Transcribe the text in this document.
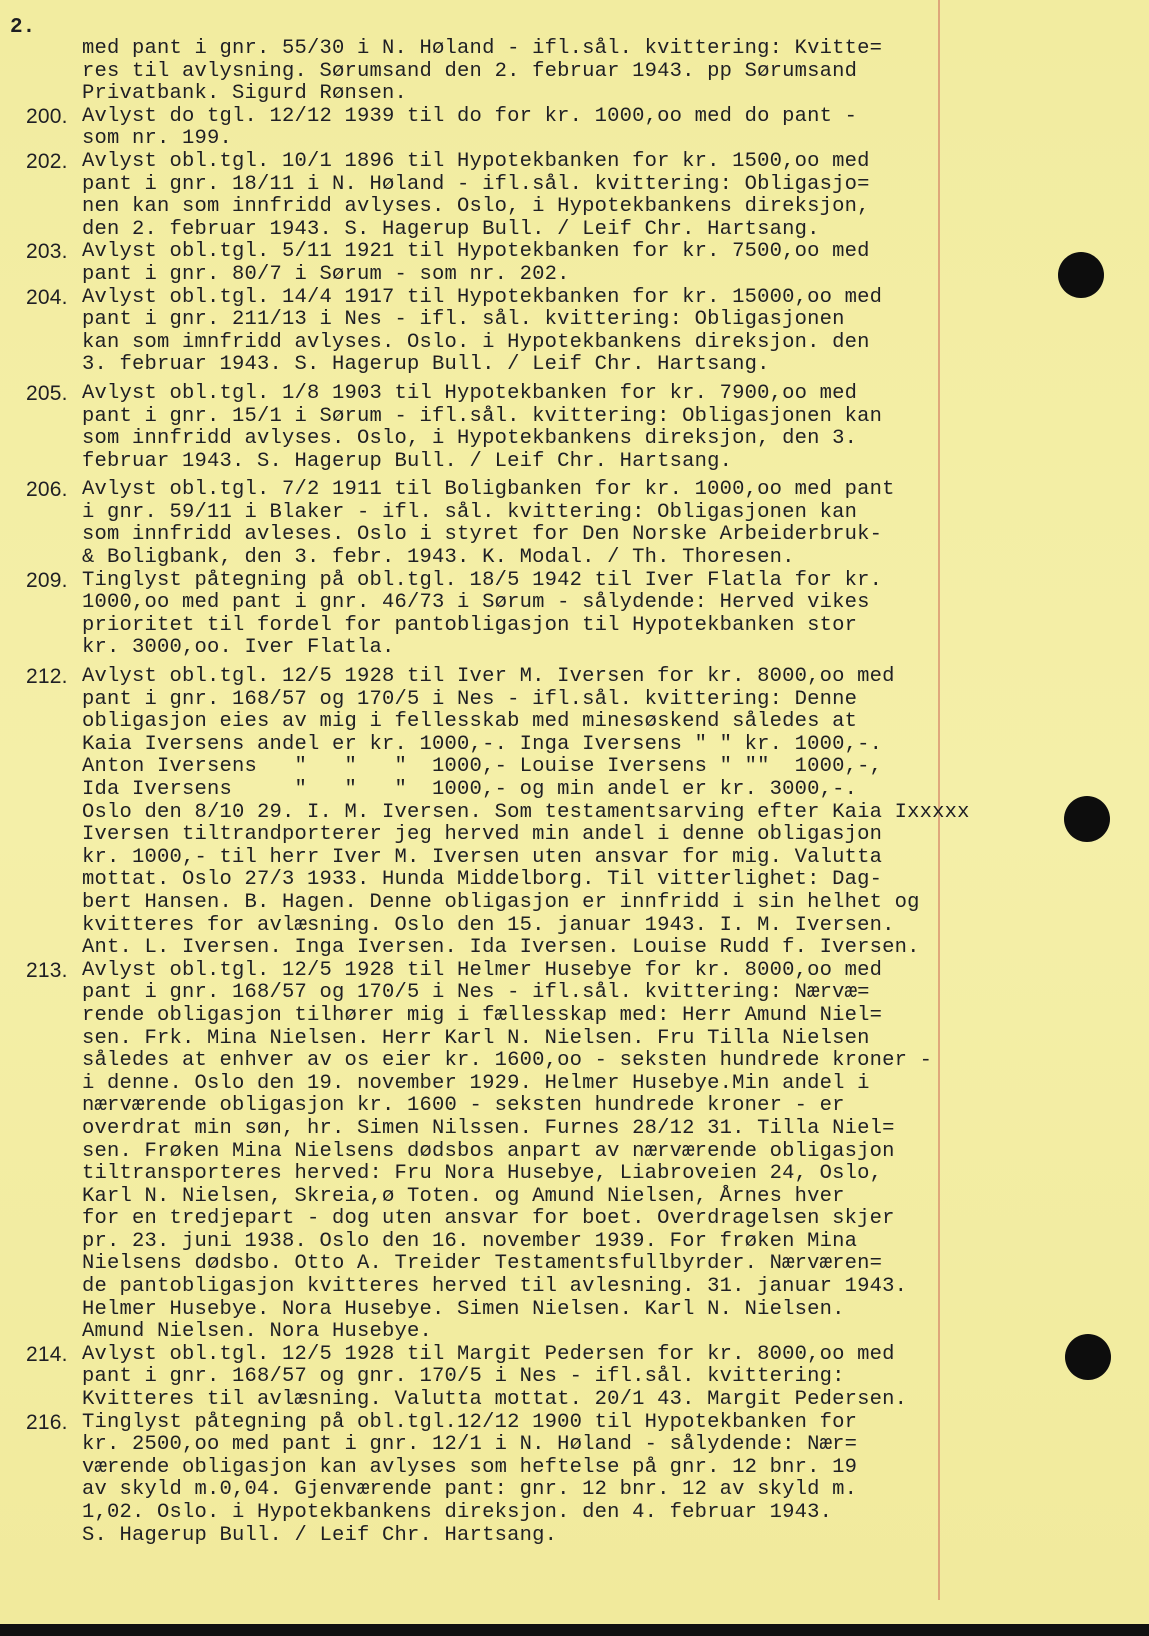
2.
med pant i gnr. 55/30 i N. Høland - ifl.sål. kvittering: Kvitte=
res til avlysning. Sørumsand den 2. februar 1943. pp Sørumsand
Privatbank. Sigurd Rønsen.
200. Avlyst do tgl. 12/12 1939 til do for kr. 1000,oo med do pant -
som nr. 199.
202. Avlyst obl.tgl. 10/1 1896 til Hypotekbanken for kr. 1500,oo med
pant i gnr. 18/11 i N. Høland - ifl.sål. kvittering: Obligasjo=
nen kan som innfridd avlyses. Oslo, i Hypotekbankens direksjon,
den 2. februar 1943. S. Hagerup Bull. / Leif Chr. Hartsang.
203. Avlyst obl.tgl. 5/11 1921 til Hypotekbanken for kr. 7500,oo med
pant i gnr. 80/7 i Sørum - som nr. 202.
204. Avlyst obl.tgl. 14/4 1917 til Hypotekbanken for kr. 15000,oo med
pant i gnr. 211/13 i Nes - ifl. sål. kvittering: Obligasjonen
kan som imnfridd avlyses. Oslo. i Hypotekbankens direksjon. den
3. februar 1943. S. Hagerup Bull. / Leif Chr. Hartsang.
205. Avlyst obl.tgl. 1/8 1903 til Hypotekbanken for kr. 7900,oo med
pant i gnr. 15/1 i Sørum - ifl.sål. kvittering: Obligasjonen kan
som innfridd avlyses. Oslo, i Hypotekbankens direksjon, den 3.
februar 1943. S. Hagerup Bull. / Leif Chr. Hartsang.
206. Avlyst obl.tgl. 7/2 1911 til Boligbanken for kr. 1000,oo med pant
i gnr. 59/11 i Blaker - ifl. sål. kvittering: Obligasjonen kan
som innfridd avleses. Oslo i styret for Den Norske Arbeiderbruk-
& Boligbank, den 3. febr. 1943. K. Modal. / Th. Thoresen.
209. Tinglyst påtegning på obl.tgl. 18/5 1942 til Iver Flatla for kr.
1000,oo med pant i gnr. 46/73 i Sørum - sålydende: Herved vikes
prioritet til fordel for pantobligasjon til Hypotekbanken stor
kr. 3000,oo. Iver Flatla.
212. Avlyst obl.tgl. 12/5 1928 til Iver M. Iversen for kr. 8000,oo med
pant i gnr. 168/57 og 170/5 i Nes - ifl.sål. kvittering: Denne
obligasjon eies av mig i fellesskab med minesøskend således at
Kaia Iversens andel er kr. 1000,-. Inga Iversens " " kr. 1000,-.
Anton Iversens   "   "   "  1000,- Louise Iversens " ""  1000,-,
Ida Iversens     "   "   "  1000,- og min andel er kr. 3000,-.
Oslo den 8/10 29. I. M. Iversen. Som testamentsarving efter Kaia Ixxxxx
Iversen tiltrandporterer jeg herved min andel i denne obligasjon
kr. 1000,- til herr Iver M. Iversen uten ansvar for mig. Valutta
mottat. Oslo 27/3 1933. Hunda Middelborg. Til vitterlighet: Dag-
bert Hansen. B. Hagen. Denne obligasjon er innfridd i sin helhet og
kvitteres for avlæsning. Oslo den 15. januar 1943. I. M. Iversen.
Ant. L. Iversen. Inga Iversen. Ida Iversen. Louise Rudd f. Iversen.
213. Avlyst obl.tgl. 12/5 1928 til Helmer Husebye for kr. 8000,oo med
pant i gnr. 168/57 og 170/5 i Nes - ifl.sål. kvittering: Nærvæ=
rende obligasjon tilhører mig i fællesskap med: Herr Amund Niel=
sen. Frk. Mina Nielsen. Herr Karl N. Nielsen. Fru Tilla Nielsen
således at enhver av os eier kr. 1600,oo - seksten hundrede kroner -
i denne. Oslo den 19. november 1929. Helmer Husebye.Min andel i
nærværende obligasjon kr. 1600 - seksten hundrede kroner - er
overdrat min søn, hr. Simen Nilssen. Furnes 28/12 31. Tilla Niel=
sen. Frøken Mina Nielsens dødsbos anpart av nærværende obligasjon
tiltransporteres herved: Fru Nora Husebye, Liabroveien 24, Oslo,
Karl N. Nielsen, Skreia,ø Toten. og Amund Nielsen, Årnes hver
for en tredjepart - dog uten ansvar for boet. Overdragelsen skjer
pr. 23. juni 1938. Oslo den 16. november 1939. For frøken Mina
Nielsens dødsbo. Otto A. Treider Testamentsfullbyrder. Nærværen=
de pantobligasjon kvitteres herved til avlesning. 31. januar 1943.
Helmer Husebye. Nora Husebye. Simen Nielsen. Karl N. Nielsen.
Amund Nielsen. Nora Husebye.
214. Avlyst obl.tgl. 12/5 1928 til Margit Pedersen for kr. 8000,oo med
pant i gnr. 168/57 og gnr. 170/5 i Nes - ifl.sål. kvittering:
Kvitteres til avlæsning. Valutta mottat. 20/1 43. Margit Pedersen.
216. Tinglyst påtegning på obl.tgl.12/12 1900 til Hypotekbanken for
kr. 2500,oo med pant i gnr. 12/1 i N. Høland - sålydende: Nær=
værende obligasjon kan avlyses som heftelse på gnr. 12 bnr. 19
av skyld m.0,04. Gjenværende pant: gnr. 12 bnr. 12 av skyld m.
1,02. Oslo. i Hypotekbankens direksjon. den 4. februar 1943.
S. Hagerup Bull. / Leif Chr. Hartsang.
